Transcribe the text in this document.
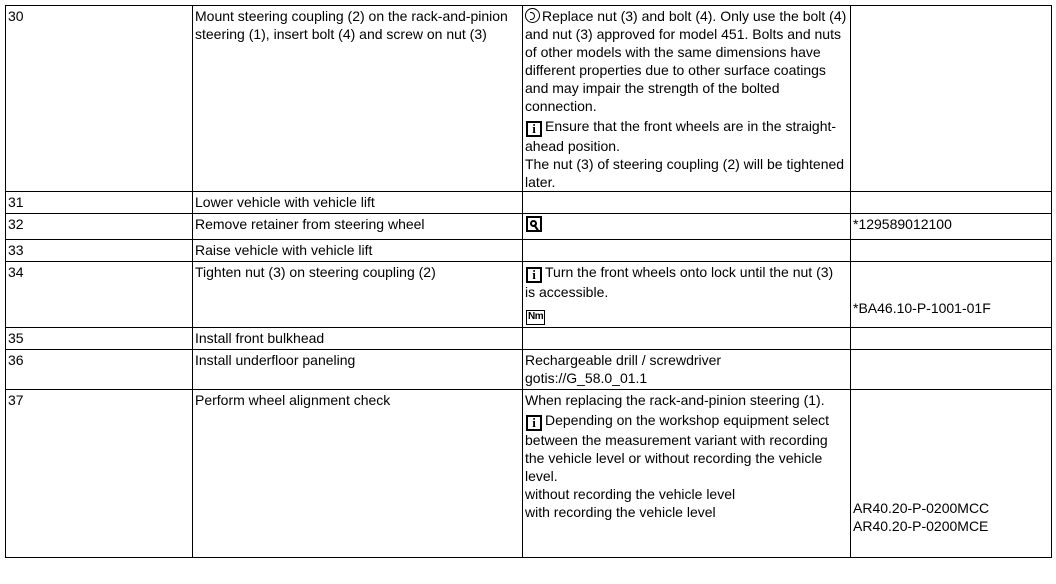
30	Mount steering coupling (2) on the rack-and-pinion steering (1), insert bolt (4) and screw on nut (3)	Replace nut (3) and bolt (4). Only use the bolt (4) and nut (3) approved for model 451. Bolts and nuts of other models with the same dimensions have different properties due to other surface coatings and may impair the strength of the bolted connection.
i Ensure that the front wheels are in the straight-ahead position.
The nut (3) of steering coupling (2) will be tightened later.	

31	Lower vehicle with vehicle lift		
32	Remove retainer from steering wheel		*129589012100

33	Raise vehicle with vehicle lift		
34	Tighten nut (3) on steering coupling (2)	i Turn the front wheels onto lock until the nut (3) is accessible.
Nm	*BA46.10-P-1001-01F

35	Install front bulkhead		
36	Install underfloor paneling	Rechargeable drill / screwdriver
gotis://G_58.0_01.1	

37	Perform wheel alignment check	When replacing the rack-and-pinion steering (1).
i Depending on the workshop equipment select between the measurement variant with recording the vehicle level or without recording the vehicle level.
without recording the vehicle level
with recording the vehicle level	AR40.20-P-0200MCC
AR40.20-P-0200MCE
